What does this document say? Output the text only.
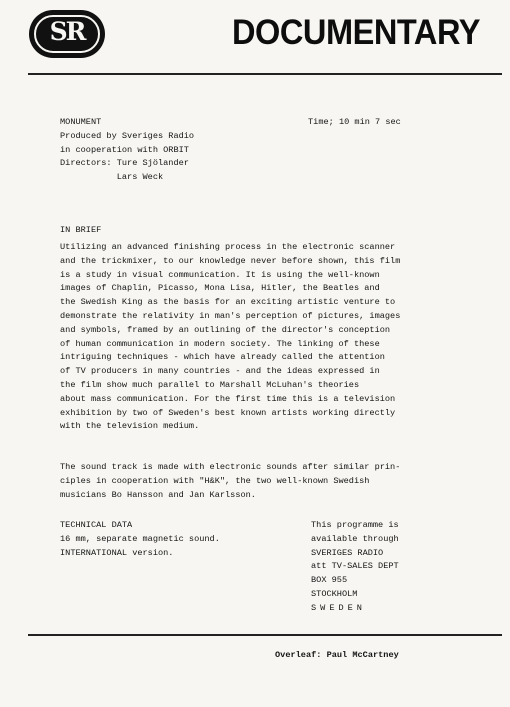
SR	DOCUMENTARY
MONUMENT
Produced by Sveriges Radio
in cooperation with ORBIT
Directors: Ture Sjölander
Lars Weck
Time; 10 min 7 sec
IN BRIEF
Utilizing an advanced finishing process in the electronic scanner
and the trickmixer, to our knowledge never before shown, this film
is a study in visual communication. It is using the well-known
images of Chaplin, Picasso, Mona Lisa, Hitler, the Beatles and
the Swedish King as the basis for an exciting artistic venture to
demonstrate the relativity in man's perception of pictures, images
and symbols, framed by an outlining of the director's conception
of human communication in modern society. The linking of these
intriguing techniques - which have already called the attention
of TV producers in many countries - and the ideas expressed in
the film show much parallel to Marshall McLuhan's theories
about mass communication. For the first time this is a television
exhibition by two of Sweden's best known artists working directly
with the television medium.
The sound track is made with electronic sounds after similar prin-
ciples in cooperation with "H&K", the two well-known Swedish
musicians Bo Hansson and Jan Karlsson.
TECHNICAL DATA
16 mm, separate magnetic sound.
INTERNATIONAL version.
This programme is
available through
SVERIGES RADIO
att TV-SALES DEPT
BOX 955
STOCKHOLM
SWEDEN
Overleaf: Paul McCartney
